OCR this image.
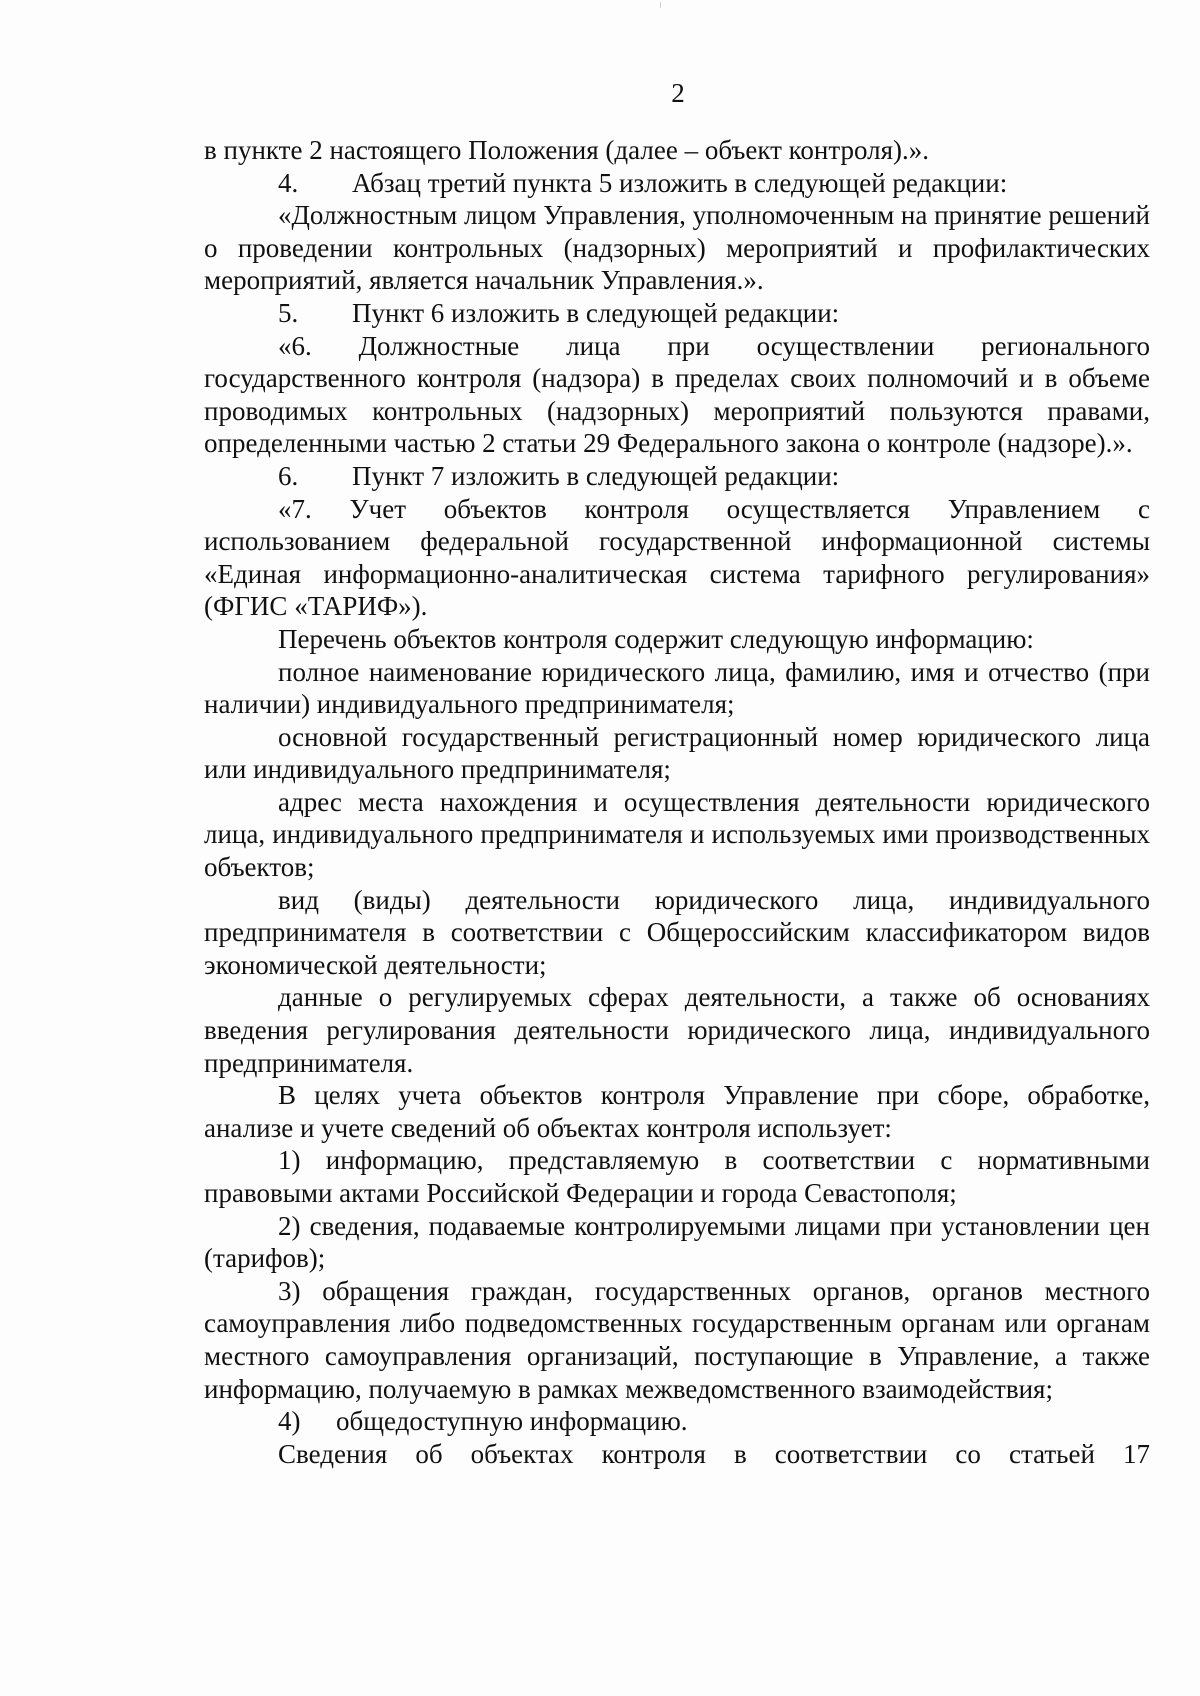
2

в пункте 2 настоящего Положения (далее – объект контроля).».

4. Абзац третий пункта 5 изложить в следующей редакции:

«Должностным лицом Управления, уполномоченным на принятие решений о проведении контрольных (надзорных) мероприятий и профилактических мероприятий, является начальник Управления.».

5. Пункт 6 изложить в следующей редакции:

«6. Должностные лица при осуществлении регионального государственного контроля (надзора) в пределах своих полномочий и в объеме проводимых контрольных (надзорных) мероприятий пользуются правами, определенными частью 2 статьи 29 Федерального закона о контроле (надзоре).».

6. Пункт 7 изложить в следующей редакции:

«7. Учет объектов контроля осуществляется Управлением с использованием федеральной государственной информационной системы «Единая информационно-аналитическая система тарифного регулирования» (ФГИС «ТАРИФ»).

Перечень объектов контроля содержит следующую информацию:

полное наименование юридического лица, фамилию, имя и отчество (при наличии) индивидуального предпринимателя;

основной государственный регистрационный номер юридического лица или индивидуального предпринимателя;

адрес места нахождения и осуществления деятельности юридического лица, индивидуального предпринимателя и используемых ими производственных объектов;

вид (виды) деятельности юридического лица, индивидуального предпринимателя в соответствии с Общероссийским классификатором видов экономической деятельности;

данные о регулируемых сферах деятельности, а также об основаниях введения регулирования деятельности юридического лица, индивидуального предпринимателя.

В целях учета объектов контроля Управление при сборе, обработке, анализе и учете сведений об объектах контроля использует:

1) информацию, представляемую в соответствии с нормативными правовыми актами Российской Федерации и города Севастополя;

2) сведения, подаваемые контролируемыми лицами при установлении цен (тарифов);

3) обращения граждан, государственных органов, органов местного самоуправления либо подведомственных государственным органам или органам местного самоуправления организаций, поступающие в Управление, а также информацию, получаемую в рамках межведомственного взаимодействия;

4) общедоступную информацию.

Сведения об объектах контроля в соответствии со статьей 17
